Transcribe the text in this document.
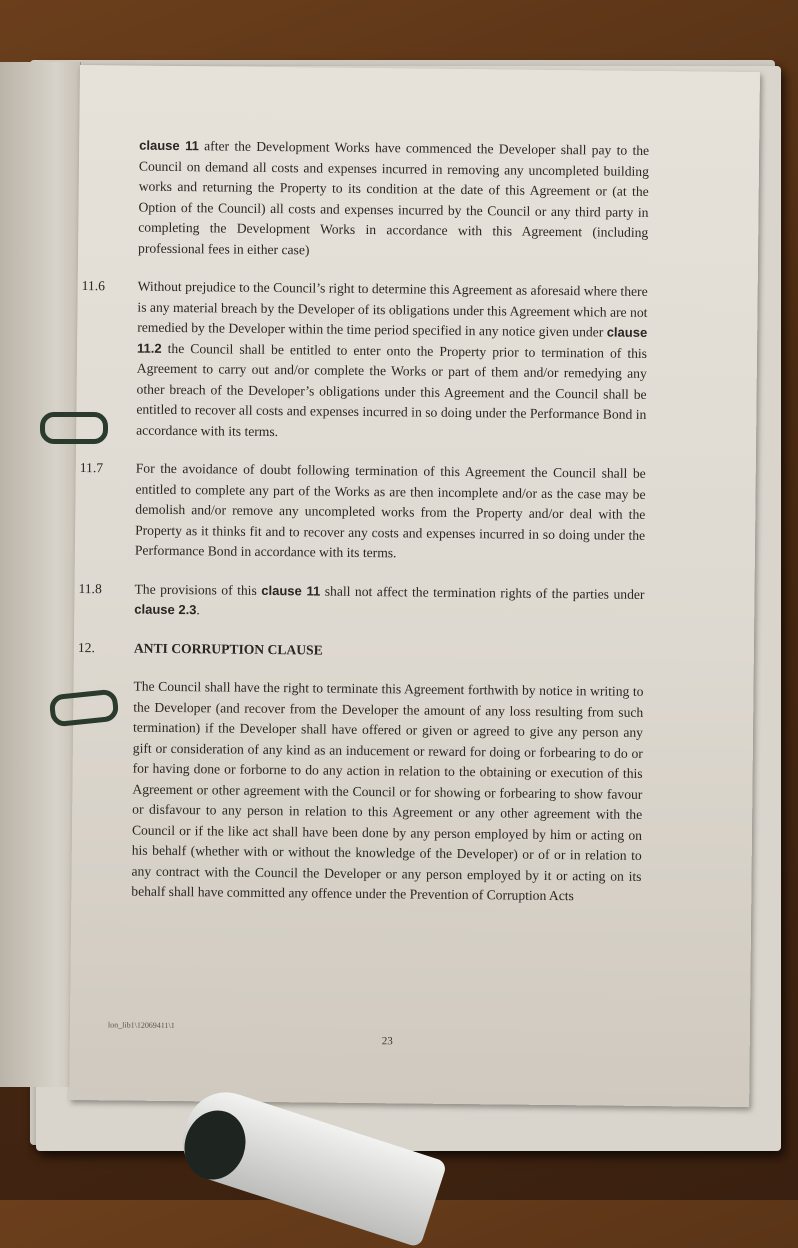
clause 11 after the Development Works have commenced the Developer shall pay to the Council on demand all costs and expenses incurred in removing any uncompleted building works and returning the Property to its condition at the date of this Agreement or (at the Option of the Council) all costs and expenses incurred by the Council or any third party in completing the Development Works in accordance with this Agreement (including professional fees in either case)

11.6 Without prejudice to the Council’s right to determine this Agreement as aforesaid where there is any material breach by the Developer of its obligations under this Agreement which are not remedied by the Developer within the time period specified in any notice given under clause 11.2 the Council shall be entitled to enter onto the Property prior to termination of this Agreement to carry out and/or complete the Works or part of them and/or remedying any other breach of the Developer’s obligations under this Agreement and the Council shall be entitled to recover all costs and expenses incurred in so doing under the Performance Bond in accordance with its terms.

11.7 For the avoidance of doubt following termination of this Agreement the Council shall be entitled to complete any part of the Works as are then incomplete and/or as the case may be demolish and/or remove any uncompleted works from the Property and/or deal with the Property as it thinks fit and to recover any costs and expenses incurred in so doing under the Performance Bond in accordance with its terms.

11.8 The provisions of this clause 11 shall not affect the termination rights of the parties under clause 2.3.

12.	ANTI CORRUPTION CLAUSE

The Council shall have the right to terminate this Agreement forthwith by notice in writing to the Developer (and recover from the Developer the amount of any loss resulting from such termination) if the Developer shall have offered or given or agreed to give any person any gift or consideration of any kind as an inducement or reward for doing or forbearing to do or for having done or forborne to do any action in relation to the obtaining or execution of this Agreement or other agreement with the Council or for showing or forbearing to show favour or disfavour to any person in relation to this Agreement or any other agreement with the Council or if the like act shall have been done by any person employed by him or acting on his behalf (whether with or without the knowledge of the Developer) or of or in relation to any contract with the Council the Developer or any person employed by it or acting on its behalf shall have committed any offence under the Prevention of Corruption Acts

lon_lib1\12069411\1
23
